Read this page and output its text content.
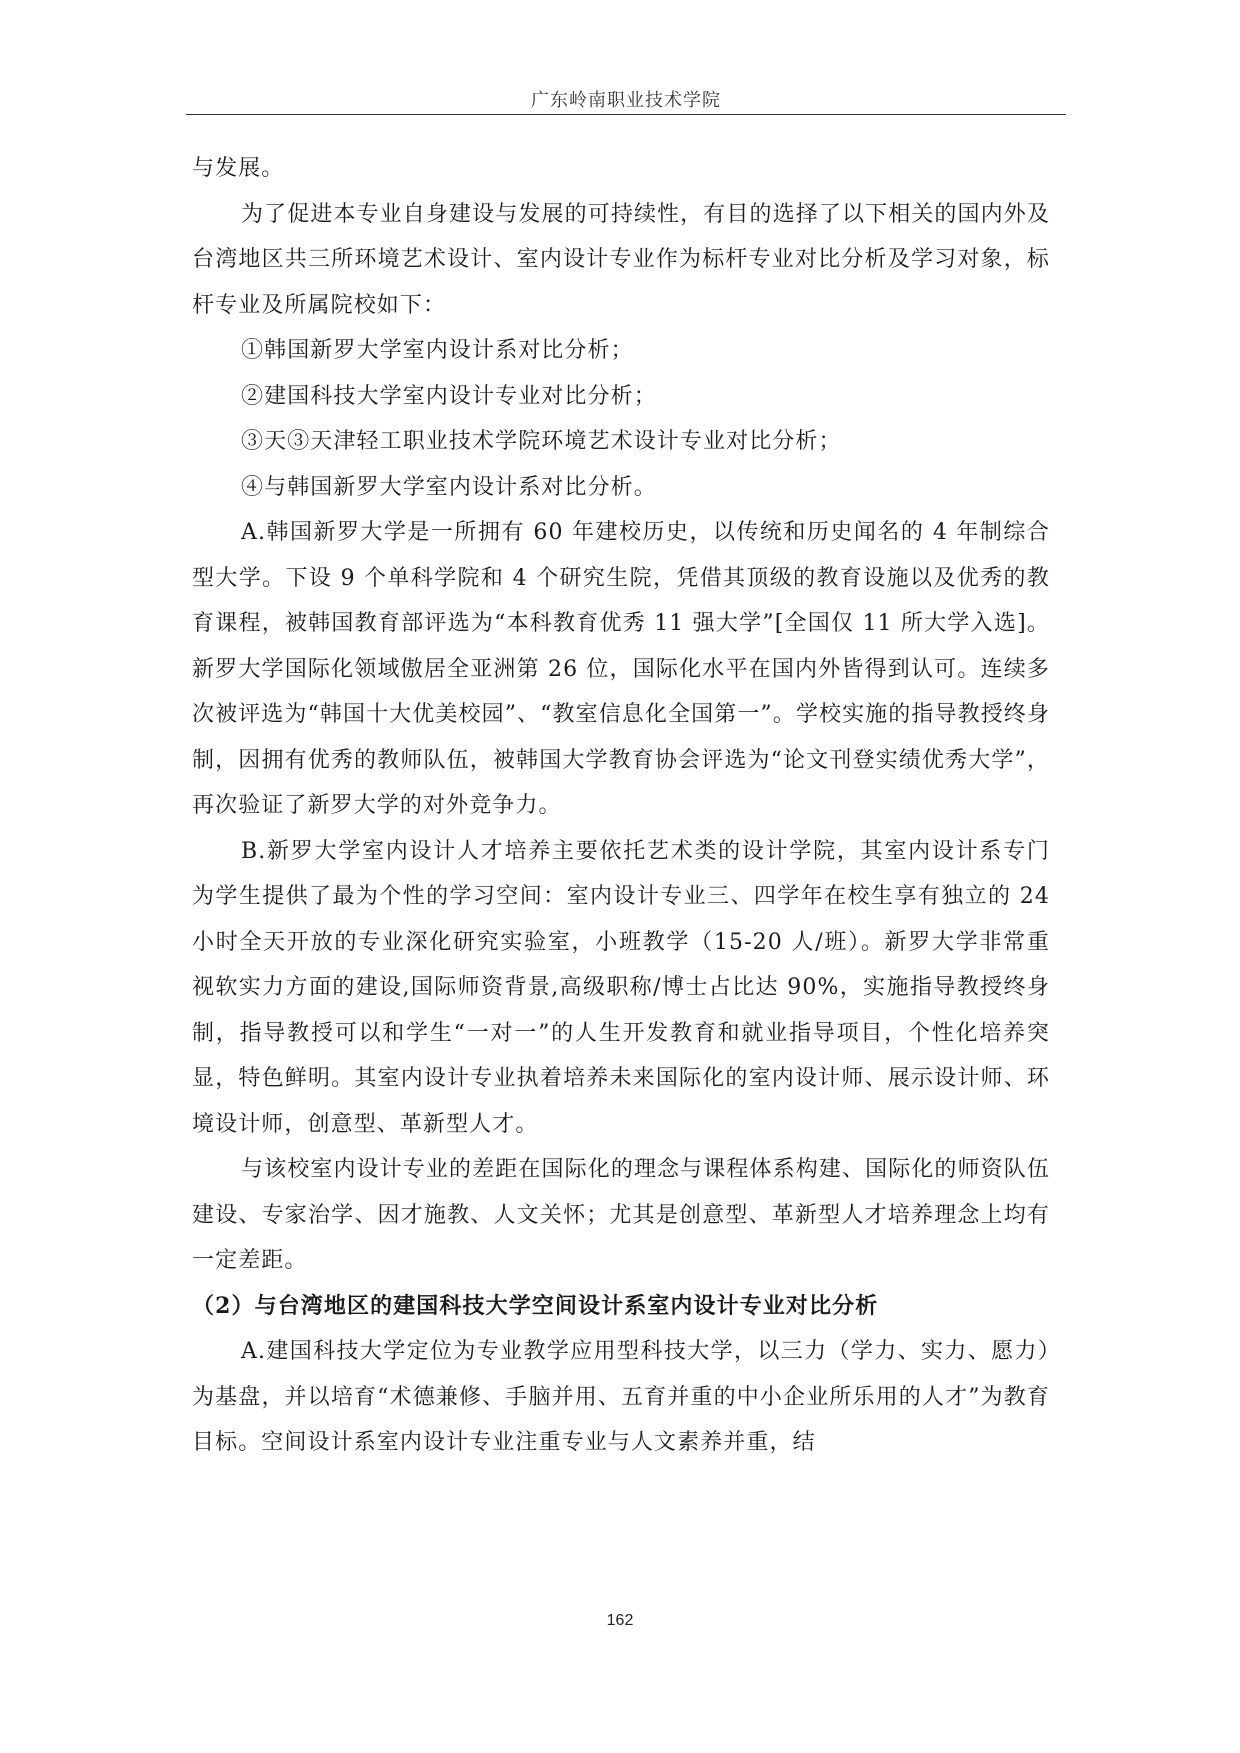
广东岭南职业技术学院

与发展。

为了促进本专业自身建设与发展的可持续性，有目的选择了以下相关的国内外及台湾地区共三所环境艺术设计、室内设计专业作为标杆专业对比分析及学习对象，标杆专业及所属院校如下：

①韩国新罗大学室内设计系对比分析；

②建国科技大学室内设计专业对比分析；

③天③天津轻工职业技术学院环境艺术设计专业对比分析；

④与韩国新罗大学室内设计系对比分析。

A.韩国新罗大学是一所拥有 60 年建校历史，以传统和历史闻名的 4 年制综合型大学。下设 9 个单科学院和 4 个研究生院，凭借其顶级的教育设施以及优秀的教育课程，被韩国教育部评选为“本科教育优秀 11 强大学”[全国仅 11 所大学入选]。新罗大学国际化领域傲居全亚洲第 26 位，国际化水平在国内外皆得到认可。连续多次被评选为“韩国十大优美校园”、“教室信息化全国第一”。学校实施的指导教授终身制，因拥有优秀的教师队伍，被韩国大学教育协会评选为“论文刊登实绩优秀大学”，再次验证了新罗大学的对外竞争力。

B.新罗大学室内设计人才培养主要依托艺术类的设计学院，其室内设计系专门为学生提供了最为个性的学习空间：室内设计专业三、四学年在校生享有独立的 24 小时全天开放的专业深化研究实验室，小班教学（15-20 人/班）。新罗大学非常重视软实力方面的建设,国际师资背景,高级职称/博士占比达 90%，实施指导教授终身制，指导教授可以和学生“一对一”的人生开发教育和就业指导项目，个性化培养突显，特色鲜明。其室内设计专业执着培养未来国际化的室内设计师、展示设计师、环境设计师，创意型、革新型人才。

与该校室内设计专业的差距在国际化的理念与课程体系构建、国际化的师资队伍建设、专家治学、因才施教、人文关怀；尤其是创意型、革新型人才培养理念上均有一定差距。

（2）与台湾地区的建国科技大学空间设计系室内设计专业对比分析

A.建国科技大学定位为专业教学应用型科技大学，以三力（学力、实力、愿力）为基盘，并以培育“术德兼修、手脑并用、五育并重的中小企业所乐用的人才”为教育目标。空间设计系室内设计专业注重专业与人文素养并重，结

162
